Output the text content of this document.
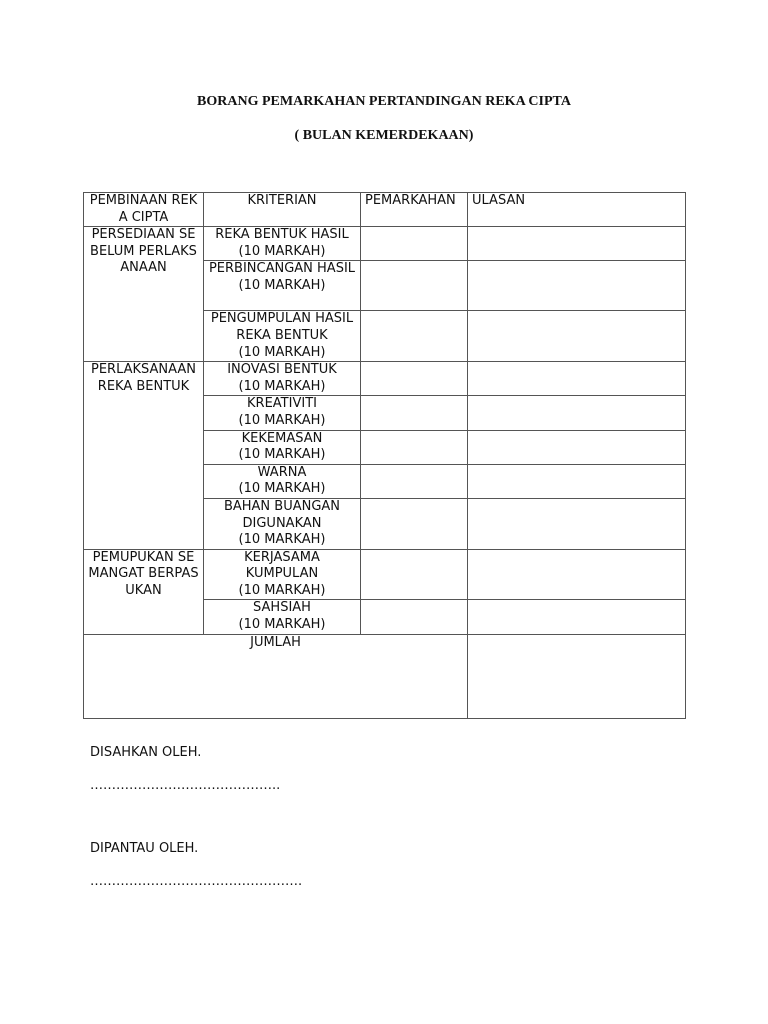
BORANG PEMARKAHAN PERTANDINGAN REKA CIPTA
( BULAN KEMERDEKAAN)
PEMBINAAN REKA CIPTA	KRITERIAN	PEMARKAHAN	ULASAN
PERSEDIAAN SEBELUM PERLAKSANAAN	REKA BENTUK HASIL
(10 MARKAH)		
	PERBINCANGAN HASIL
(10 MARKAH)		
	PENGUMPULAN HASIL REKA BENTUK
(10 MARKAH)		
PERLAKSANAAN REKA BENTUK	INOVASI BENTUK
(10 MARKAH)		
	KREATIVITI
(10 MARKAH)		
	KEKEMASAN
(10 MARKAH)		
	WARNA
(10 MARKAH)		
	BAHAN BUANGAN DIGUNAKAN
(10 MARKAH)		
PEMUPUKAN SEMANGAT BERPASUKAN	KERJASAMA KUMPULAN
(10 MARKAH)		
	SAHSIAH
(10 MARKAH)		
JUMLAH			

DISAHKAN OLEH.

……………………………………..

DIPANTAU OLEH.

………………………………………….
